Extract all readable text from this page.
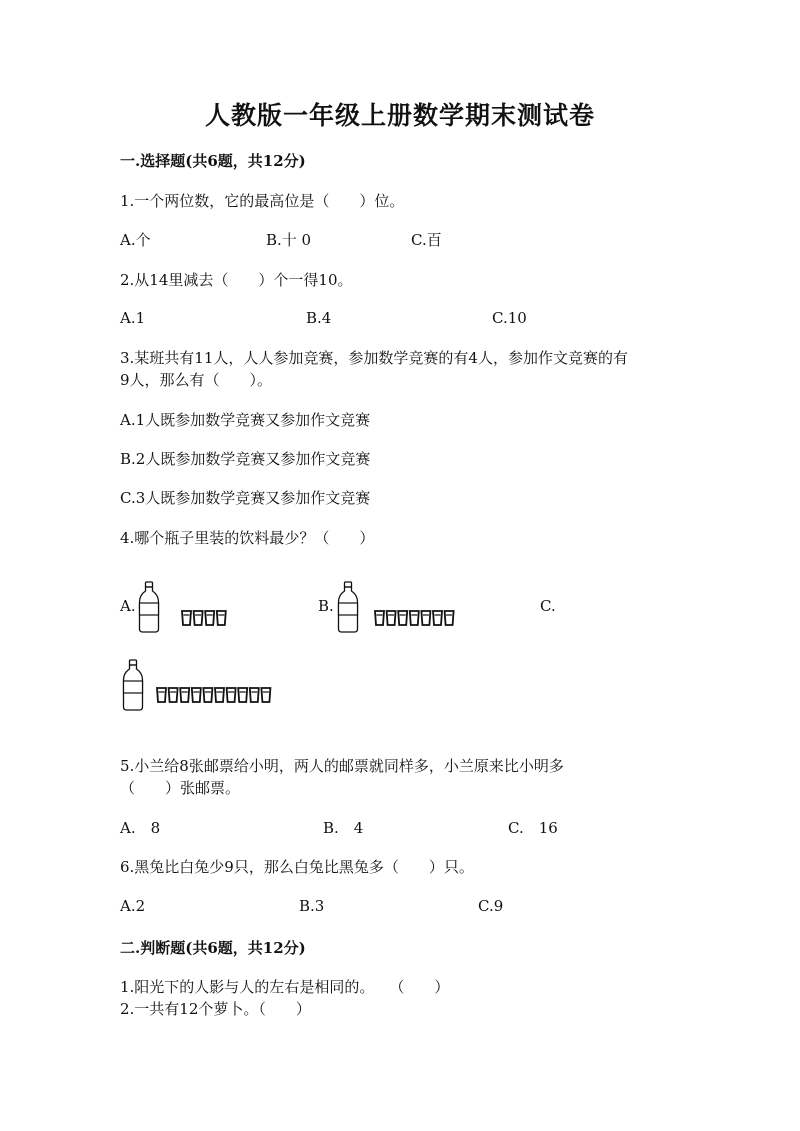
人教版一年级上册数学期末测试卷
一.选择题(共6题，共12分)
1.一个两位数，它的最高位是（　　）位。
A.个	B.十 0	C.百
2.从14里减去（　　）个一得10。
A.1	B.4	C.10
3.某班共有11人，人人参加竞赛，参加数学竞赛的有4人，参加作文竞赛的有
9人，那么有（　　）。
A.1人既参加数学竞赛又参加作文竞赛
B.2人既参加数学竞赛又参加作文竞赛
C.3人既参加数学竞赛又参加作文竞赛
4.哪个瓶子里装的饮料最少？（　　）
A.	B.	C.
5.小兰给8张邮票给小明，两人的邮票就同样多，小兰原来比小明多
（　　）张邮票。
A.　8	B.　4	C.　16
6.黑兔比白兔少9只，那么白兔比黑兔多（　　）只。
A.2	B.3	C.9
二.判断题(共6题，共12分)
1.阳光下的人影与人的左右是相同的。　　（　　）
2.一共有12个萝卜。（　　）
